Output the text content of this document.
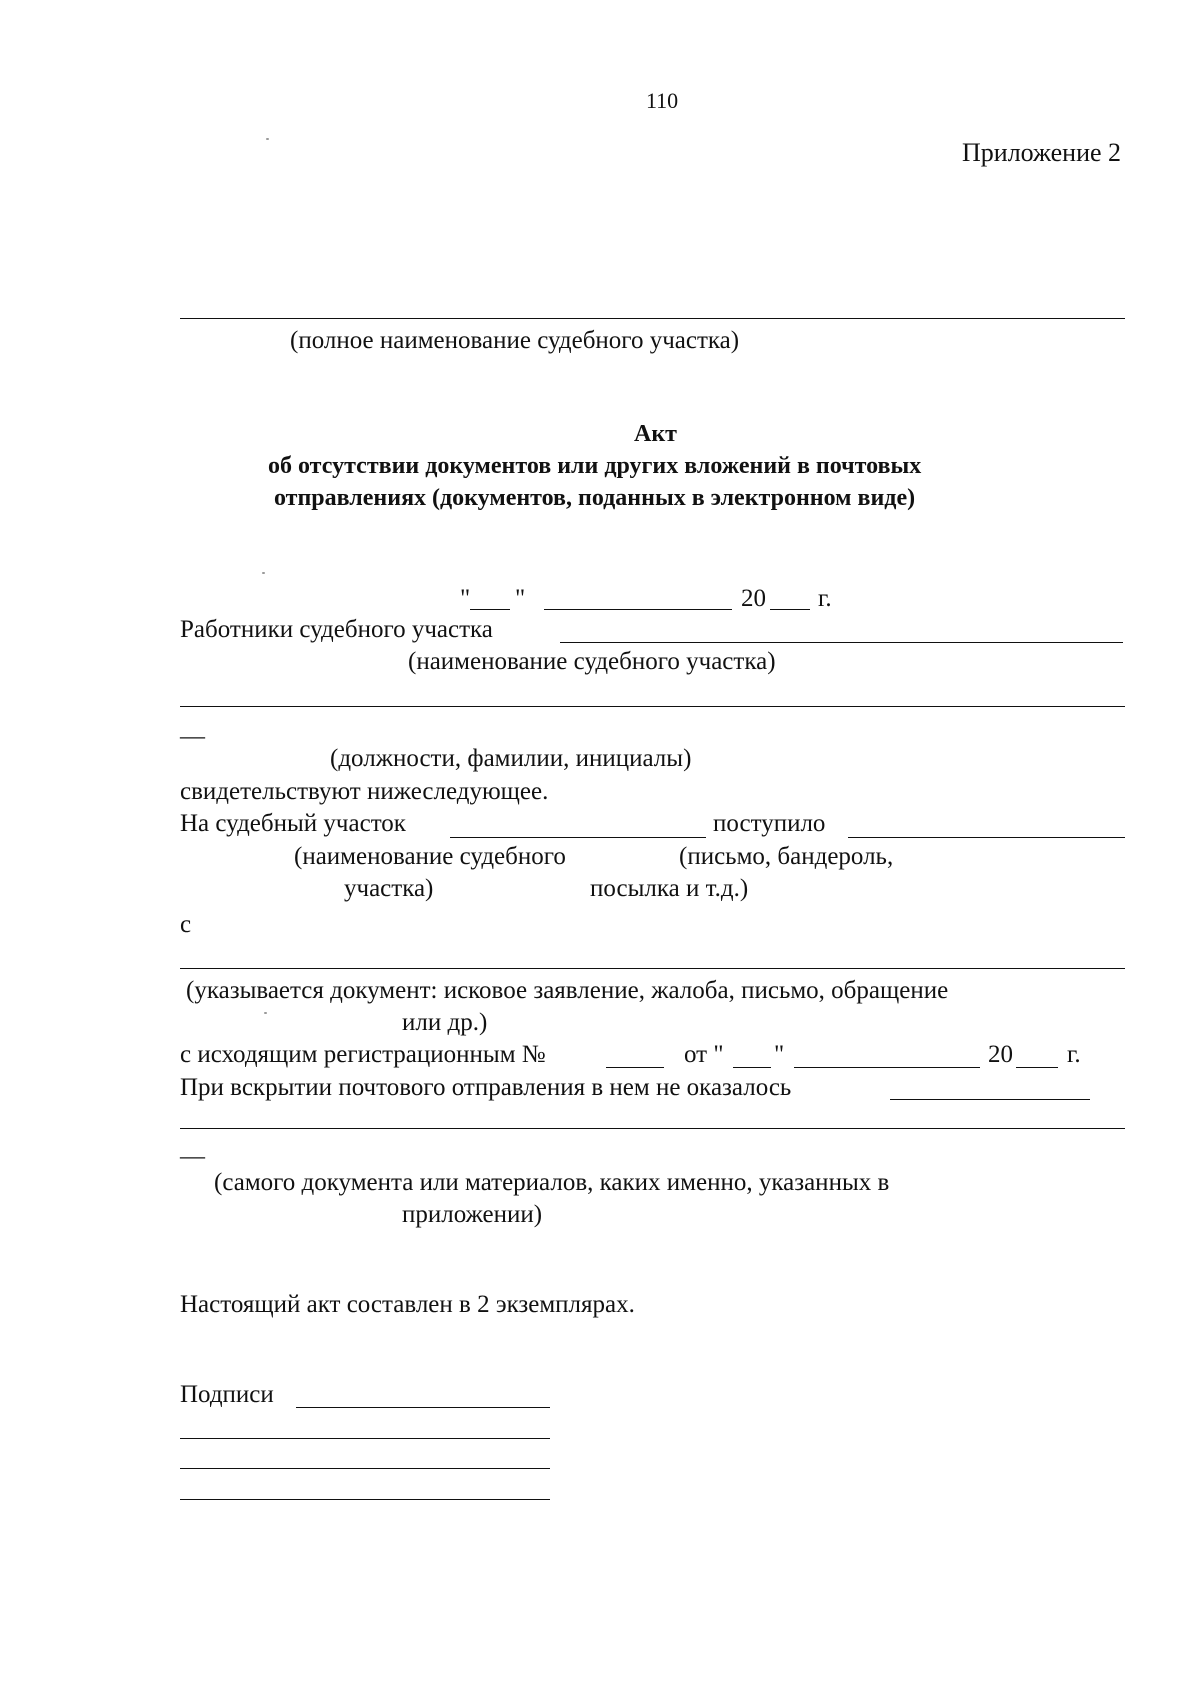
110
Приложение 2
(полное наименование судебного участка)
Акт
об отсутствии документов или других вложений в почтовых
отправлениях (документов, поданных в электронном виде)
" "	20 г.
Работники судебного участка
(наименование судебного участка)
—
(должности, фамилии, инициалы)
свидетельствуют нижеследующее.
На судебный участок	поступило
(наименование судебного	(письмо, бандероль,
участка)	посылка и т.д.)
с
(указывается документ: исковое заявление, жалоба, письмо, обращение
или др.)
с исходящим регистрационным №	от " "	20 г.
При вскрытии почтового отправления в нем не оказалось
—
(самого документа или материалов, каких именно, указанных в
приложении)
Настоящий акт составлен в 2 экземплярах.
Подписи
